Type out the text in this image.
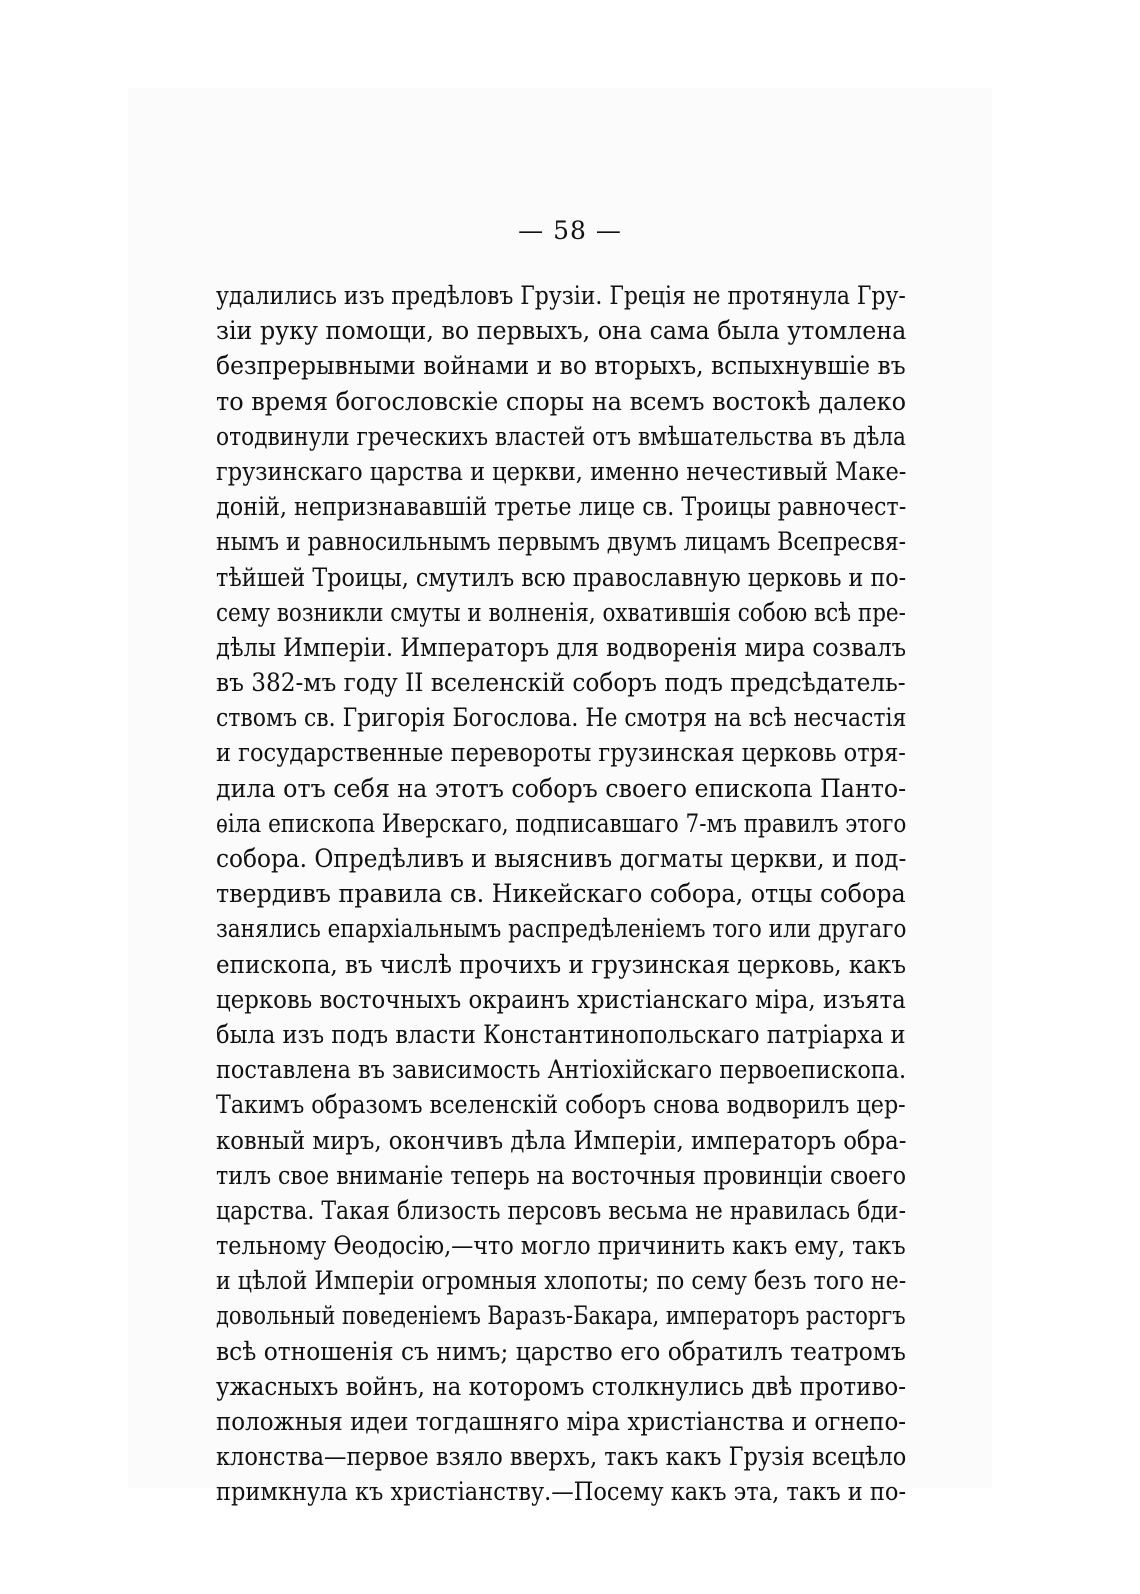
— 58 —
удалились изъ предѣловъ Грузіи. Греція не протянула Гру-зіи руку помощи, во первыхъ, она сама была утомленабезпрерывными войнами и во вторыхъ, вспыхнувшіе въто время богословскіе споры на всемъ востокѣ далекоотодвинули греческихъ властей отъ вмѣшательства въ дѣлагрузинскаго царства и церкви, именно нечестивый Маке-донiй, непризнававшiй третье лице св. Троицы равночест-нымъ и равносильнымъ первымъ двумъ лицамъ Всепресвя-тѣйшей Троицы, смутилъ всю православную церковь и по-сему возникли смуты и волненія, охватившія собою всѣ пре-дѣлы Имперіи. Императоръ для водворенія мира созвалъвъ 382-мъ году II вселенскiй соборъ подъ предсѣдатель-ствомъ св. Григорія Богослова. Не смотря на всѣ несчастіяи государственные перевороты грузинская церковь отря-дила отъ себя на этотъ соборъ своего епископа Панто-ѳiла епископа Иверскаго, подписавшаго 7-мъ правилъ этогособора. Опредѣливъ и выяснивъ догматы церкви, и под-твердивъ правила св. Никейскаго собора, отцы соборазанялись епархіальнымъ распредѣленіемъ того или другагоепископа, въ числѣ прочихъ и грузинская церковь, какъцерковь восточныхъ окраинъ христіанскаго міра, изъятабыла изъ подъ власти Константинопольскаго патріарха ипоставлена въ зависимость Антіохійскаго первоепископа.Такимъ образомъ вселенскiй соборъ снова водворилъ цер-ковный миръ, окончивъ дѣла Имперіи, императоръ обра-тилъ свое вниманіе теперь на восточныя провинціи своегоцарства. Такая близость персовъ весьма не нравилась бди-тельному Ѳеодосію,—что могло причинить какъ ему, такъи цѣлой Имперіи огромныя хлопоты; по сему безъ того не-довольный поведеніемъ Варазъ-Бакара, императоръ расторгъвсѣ отношенія съ нимъ; царство его обратилъ театромъужасныхъ войнъ, на которомъ столкнулись двѣ противо-положныя идеи тогдашняго міра христіанства и огнепо-клонства—первое взяло вверхъ, такъ какъ Грузія всецѣлопримкнула къ христіанству.—Посему какъ эта, такъ и по-
